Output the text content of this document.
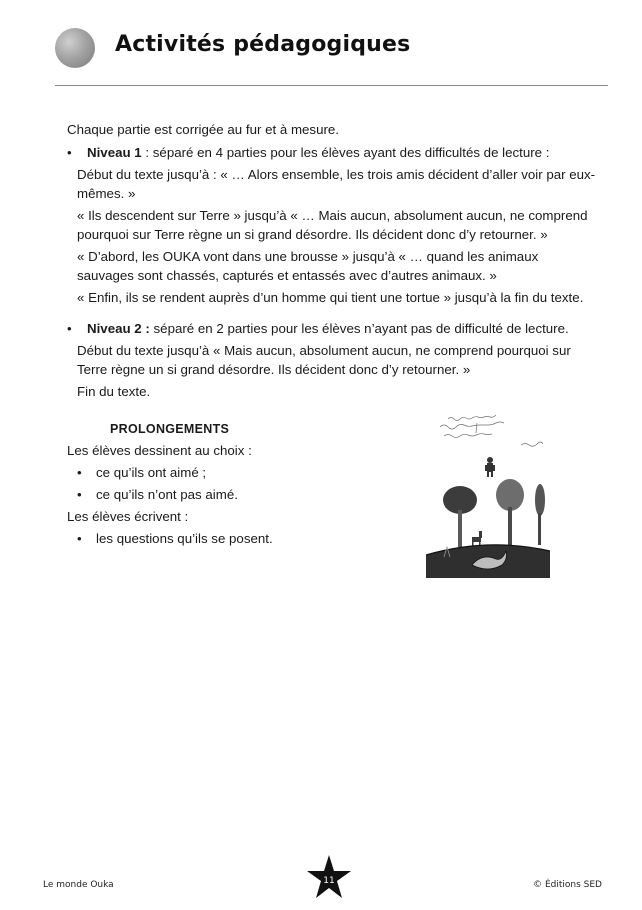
Activités pédagogiques

Chaque partie est corrigée au fur et à mesure.

• Niveau 1 : séparé en 4 parties pour les élèves ayant des difficultés de lecture :

Début du texte jusqu’à : « … Alors ensemble, les trois amis décident d’aller voir par eux-mêmes. »

« Ils descendent sur Terre » jusqu’à « … Mais aucun, absolument aucun, ne comprend pourquoi sur Terre règne un si grand désordre. Ils décident donc d’y retourner. »

« D’abord, les OUKA vont dans une brousse » jusqu’à « … quand les animaux sauvages sont chassés, capturés et entassés avec d’autres animaux. »

« Enfin, ils se rendent auprès d’un homme qui tient une tortue » jusqu’à la fin du texte.

• Niveau 2 : séparé en 2 parties pour les élèves n’ayant pas de difficulté de lecture.

Début du texte jusqu’à « Mais aucun, absolument aucun, ne comprend pourquoi sur Terre règne un si grand désordre. Ils décident donc d’y retourner. »

Fin du texte.

PROLONGEMENTS

Les élèves dessinent au choix :

• ce qu’ils ont aimé ;
• ce qu’ils n’ont pas aimé.

Les élèves écrivent :

• les questions qu’ils se posent.
Le monde Ouka	11	© Éditions SED
